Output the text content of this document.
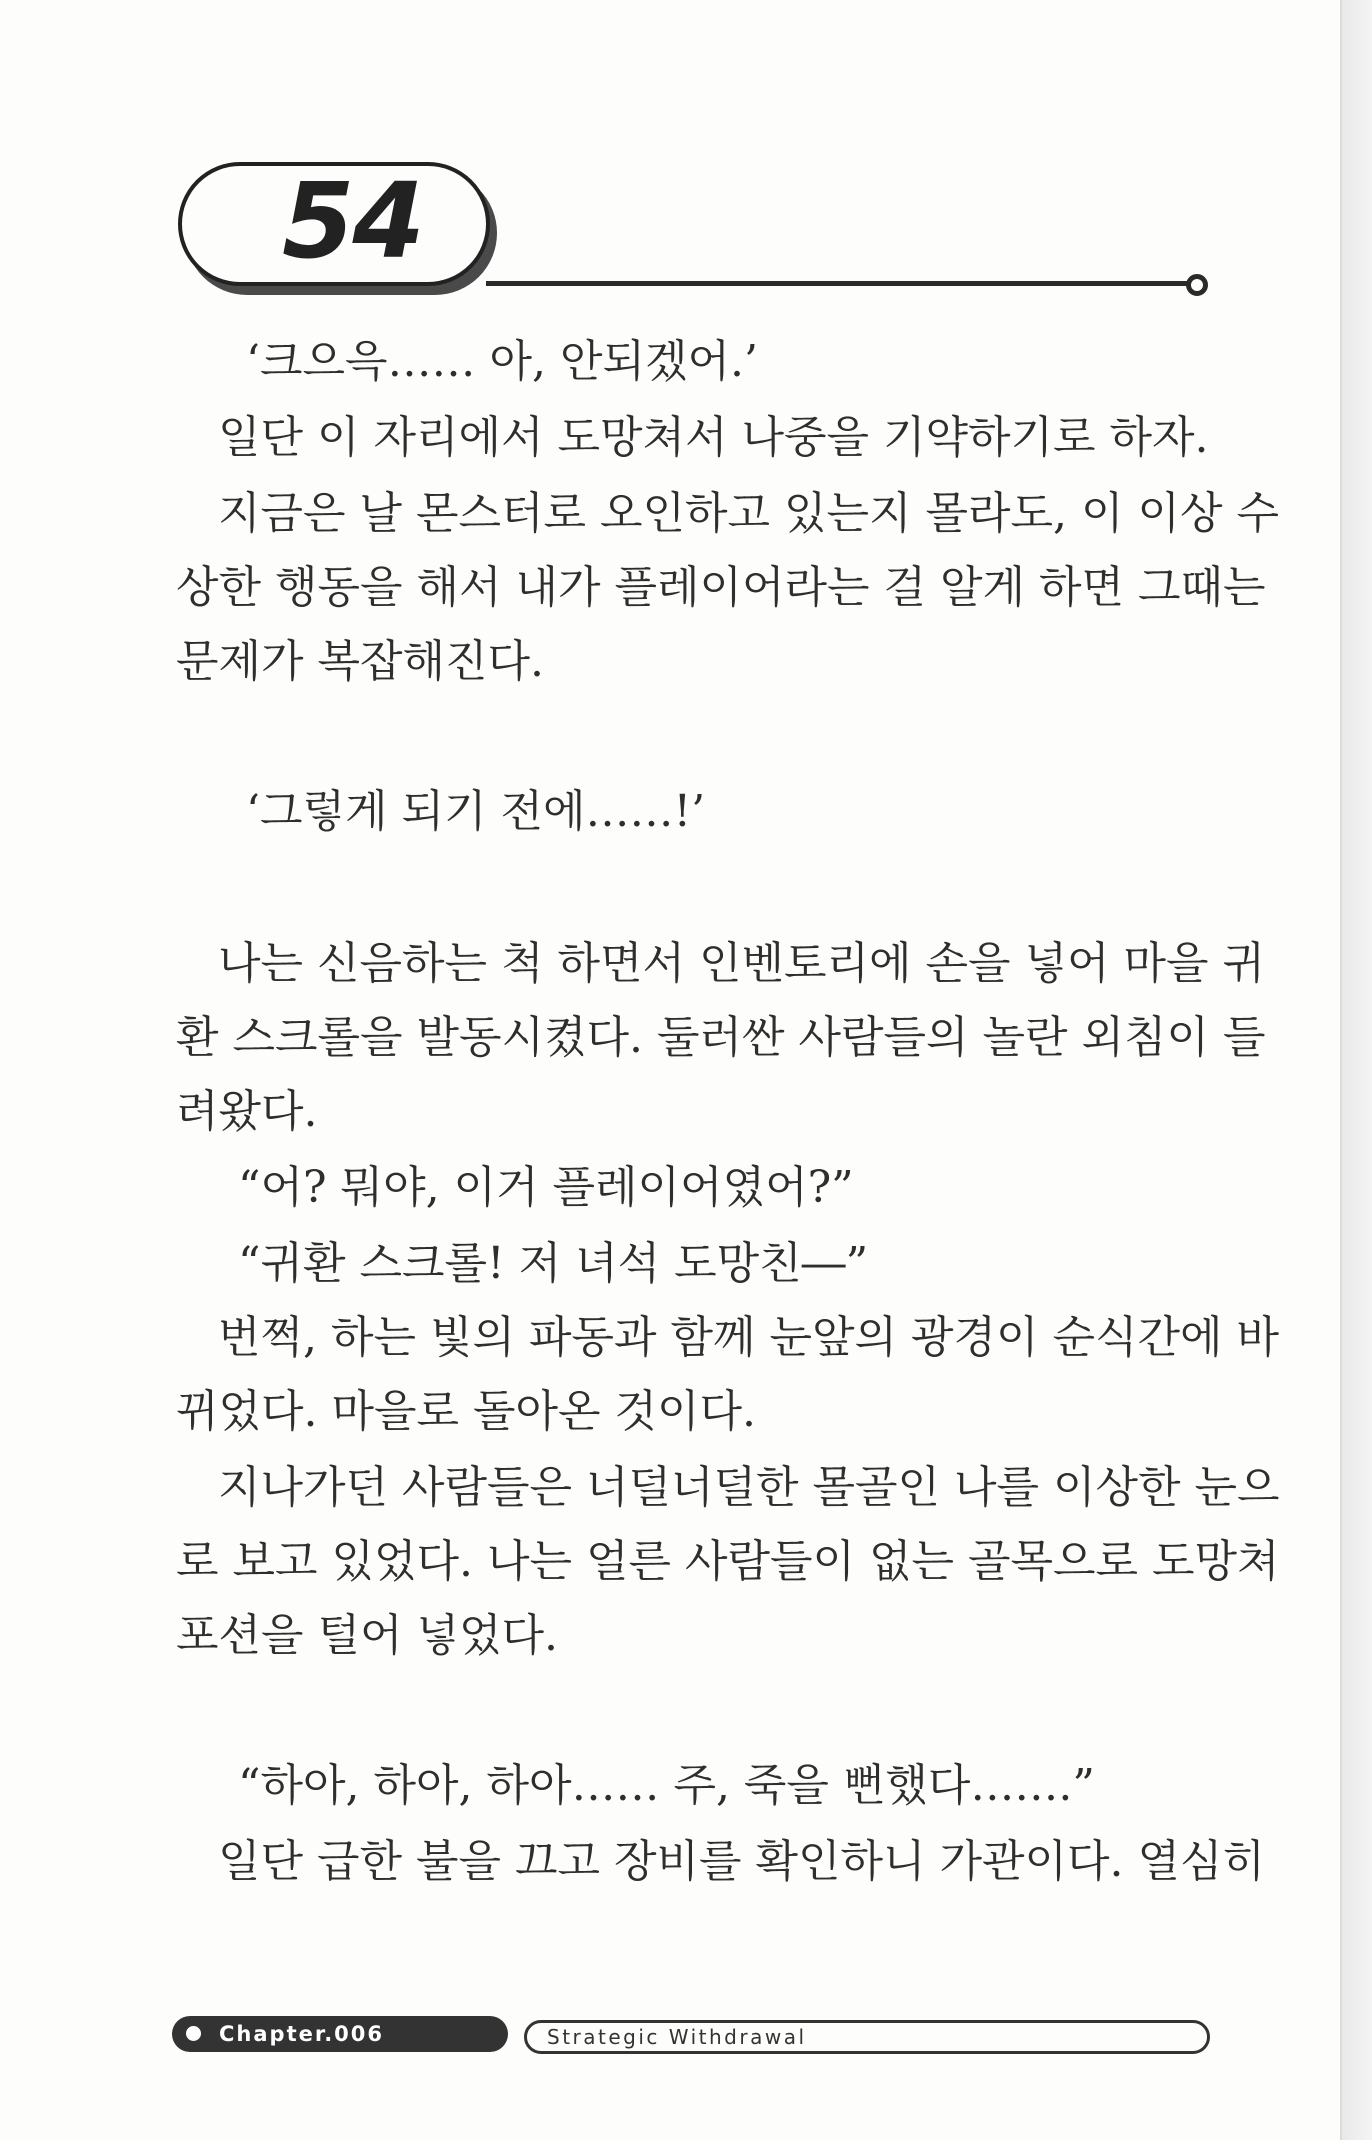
54
‘크으윽…… 아, 안되겠어.’
일단 이 자리에서 도망쳐서 나중을 기약하기로 하자.
지금은 날 몬스터로 오인하고 있는지 몰라도, 이 이상 수
상한 행동을 해서 내가 플레이어라는 걸 알게 하면 그때는
문제가 복잡해진다.
‘그렇게 되기 전에……!’
나는 신음하는 척 하면서 인벤토리에 손을 넣어 마을 귀
환 스크롤을 발동시켰다. 둘러싼 사람들의 놀란 외침이 들
려왔다.
“어? 뭐야, 이거 플레이어였어?”
“귀환 스크롤! 저 녀석 도망친―”
번쩍, 하는 빛의 파동과 함께 눈앞의 광경이 순식간에 바
뀌었다. 마을로 돌아온 것이다.
지나가던 사람들은 너덜너덜한 몰골인 나를 이상한 눈으
로 보고 있었다. 나는 얼른 사람들이 없는 골목으로 도망쳐
포션을 털어 넣었다.
“하아, 하아, 하아…… 주, 죽을 뻔했다…….”
일단 급한 불을 끄고 장비를 확인하니 가관이다. 열심히
Chapter.006	Strategic Withdrawal
